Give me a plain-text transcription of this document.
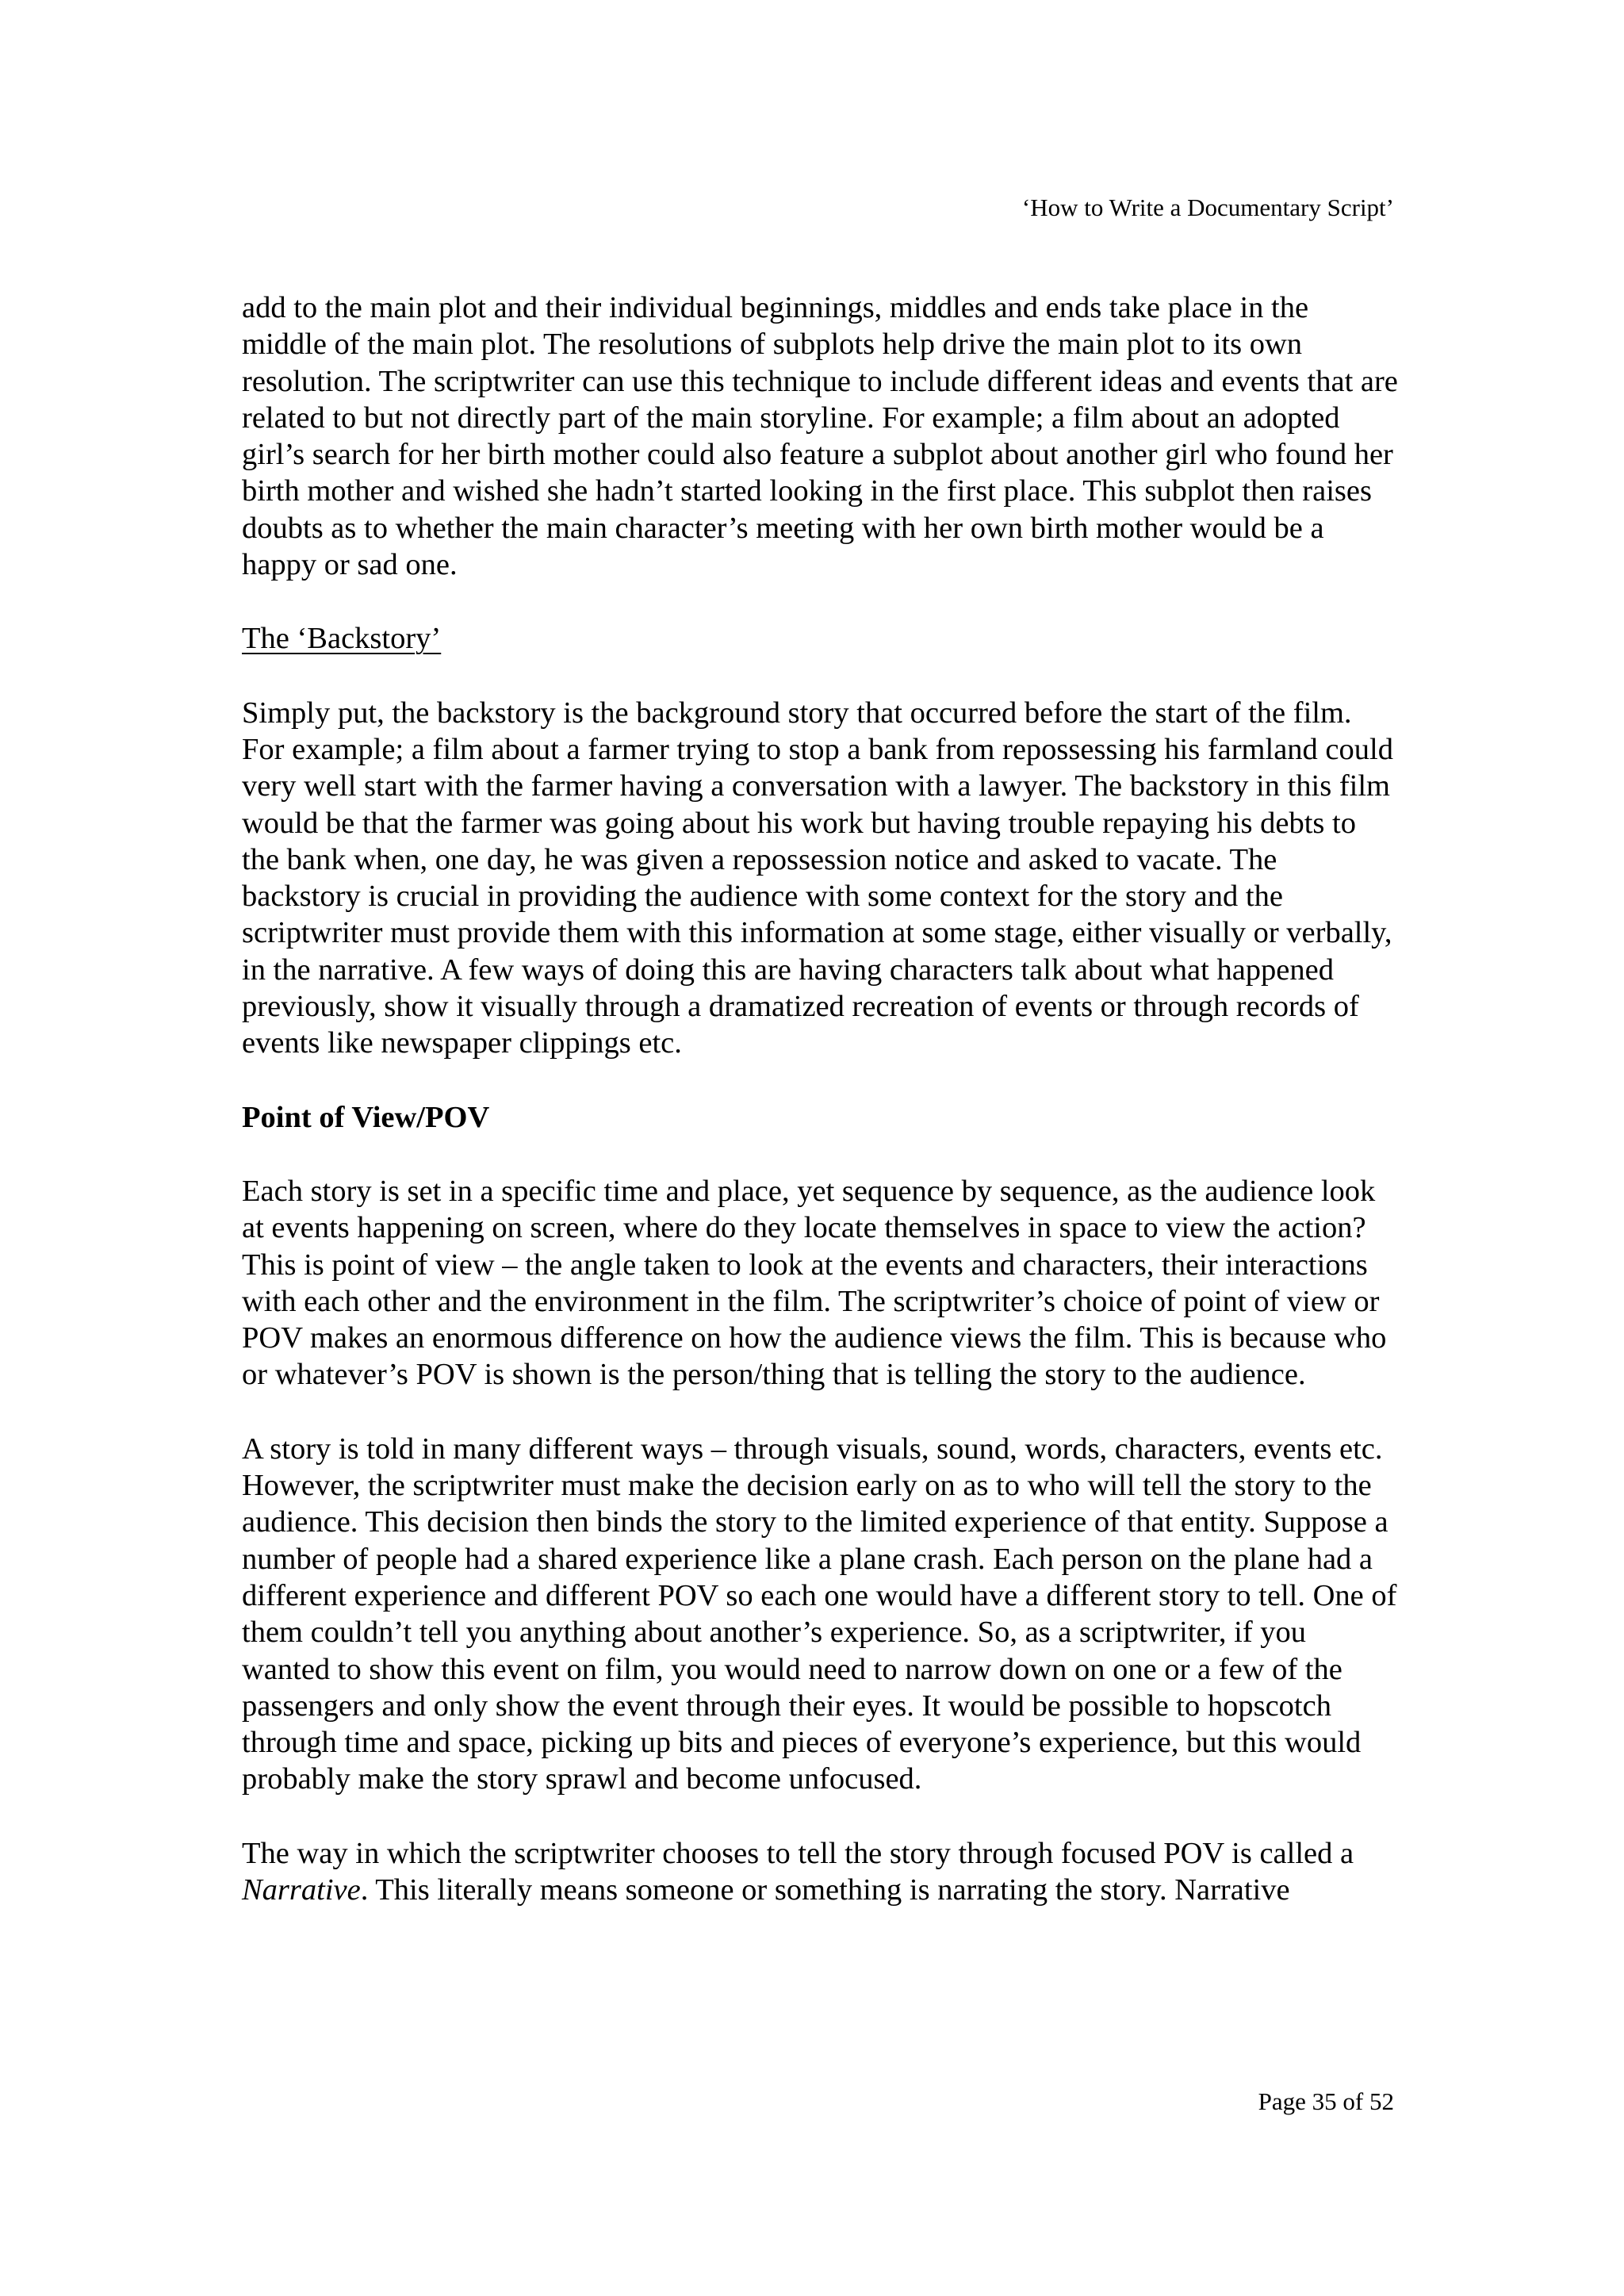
‘How to Write a Documentary Script’

add to the main plot and their individual beginnings, middles and ends take place in the middle of the main plot. The resolutions of subplots help drive the main plot to its own resolution. The scriptwriter can use this technique to include different ideas and events that are related to but not directly part of the main storyline. For example; a film about an adopted girl’s search for her birth mother could also feature a subplot about another girl who found her birth mother and wished she hadn’t started looking in the first place. This subplot then raises doubts as to whether the main character’s meeting with her own birth mother would be a happy or sad one.

The ‘Backstory’

Simply put, the backstory is the background story that occurred before the start of the film. For example; a film about a farmer trying to stop a bank from repossessing his farmland could very well start with the farmer having a conversation with a lawyer. The backstory in this film would be that the farmer was going about his work but having trouble repaying his debts to the bank when, one day, he was given a repossession notice and asked to vacate. The backstory is crucial in providing the audience with some context for the story and the scriptwriter must provide them with this information at some stage, either visually or verbally, in the narrative. A few ways of doing this are having characters talk about what happened previously, show it visually through a dramatized recreation of events or through records of events like newspaper clippings etc.

Point of View/POV

Each story is set in a specific time and place, yet sequence by sequence, as the audience look at events happening on screen, where do they locate themselves in space to view the action? This is point of view – the angle taken to look at the events and characters, their interactions with each other and the environment in the film. The scriptwriter’s choice of point of view or POV makes an enormous difference on how the audience views the film. This is because who or whatever’s POV is shown is the person/thing that is telling the story to the audience.

A story is told in many different ways – through visuals, sound, words, characters, events etc. However, the scriptwriter must make the decision early on as to who will tell the story to the audience. This decision then binds the story to the limited experience of that entity. Suppose a number of people had a shared experience like a plane crash. Each person on the plane had a different experience and different POV so each one would have a different story to tell. One of them couldn’t tell you anything about another’s experience. So, as a scriptwriter, if you wanted to show this event on film, you would need to narrow down on one or a few of the passengers and only show the event through their eyes. It would be possible to hopscotch through time and space, picking up bits and pieces of everyone’s experience, but this would probably make the story sprawl and become unfocused.

The way in which the scriptwriter chooses to tell the story through focused POV is called a Narrative. This literally means someone or something is narrating the story. Narrative

Page 35 of 52
